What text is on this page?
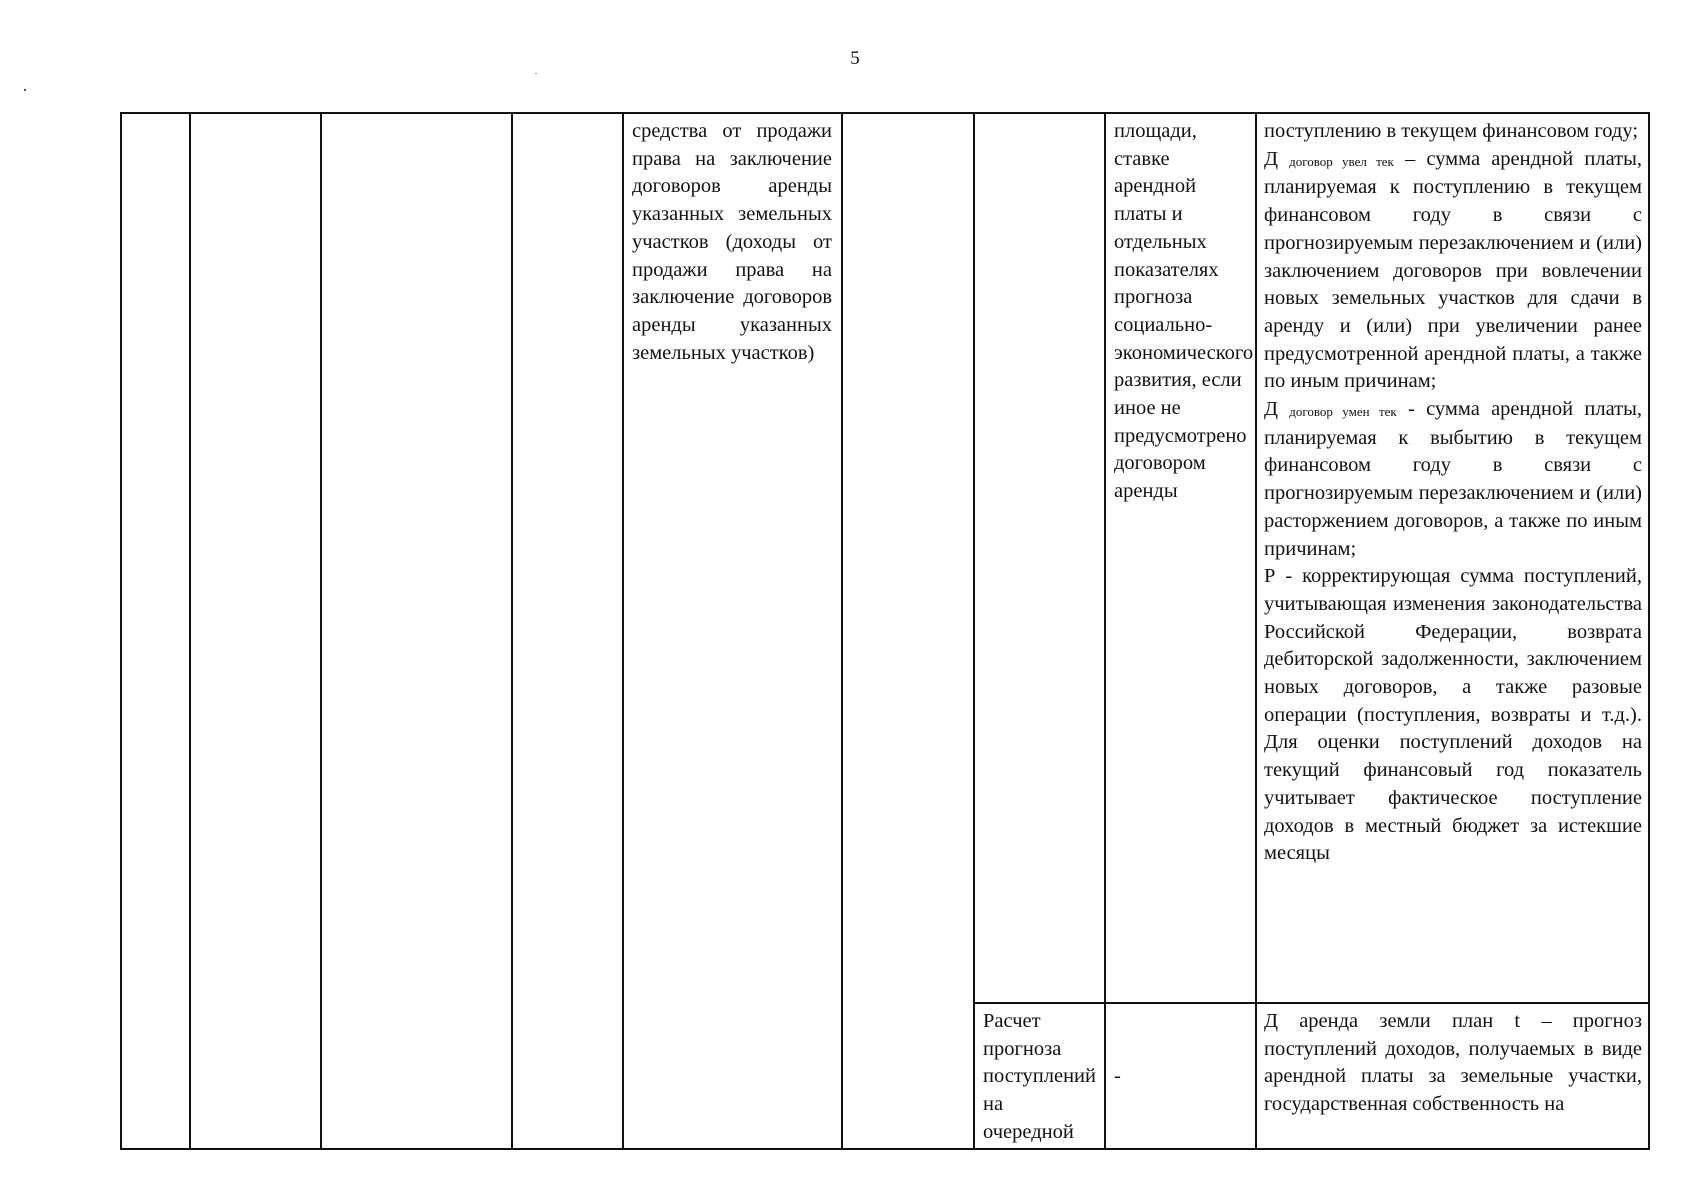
5

средства от продажи права на заключение договоров аренды указанных земельных участков (доходы от продажи права на заключение договоров аренды указанных земельных участков)

площади, ставке арендной платы и отдельных показателях прогноза социально-экономического развития, если иное не предусмотрено договором аренды

поступлению в текущем финансовом году;

Д $_{договор увел тек}$ – сумма арендной платы, планируемая к поступлению в текущем финансовом году в связи с прогнозируемым перезаключением и (или) заключением договоров при вовлечении новых земельных участков для сдачи в аренду и (или) при увеличении ранее предусмотренной арендной платы, а также по иным причинам;

Д $_{договор умен тек}$ - сумма арендной платы, планируемая к выбытию в текущем финансовом году в связи с прогнозируемым перезаключением и (или) расторжением договоров, а также по иным причинам;

Р - корректирующая сумма поступлений, учитывающая изменения законодательства Российской Федерации, возврата дебиторской задолженности, заключением новых договоров, а также разовые операции (поступления, возвраты и т.д.). Для оценки поступлений доходов на текущий финансовый год показатель учитывает фактическое поступление доходов в местный бюджет за истекшие месяцы

Расчет прогноза поступлений на очередной

-

Д аренда земли план t – прогноз поступлений доходов, получаемых в виде арендной платы за земельные участки, государственная собственность на
